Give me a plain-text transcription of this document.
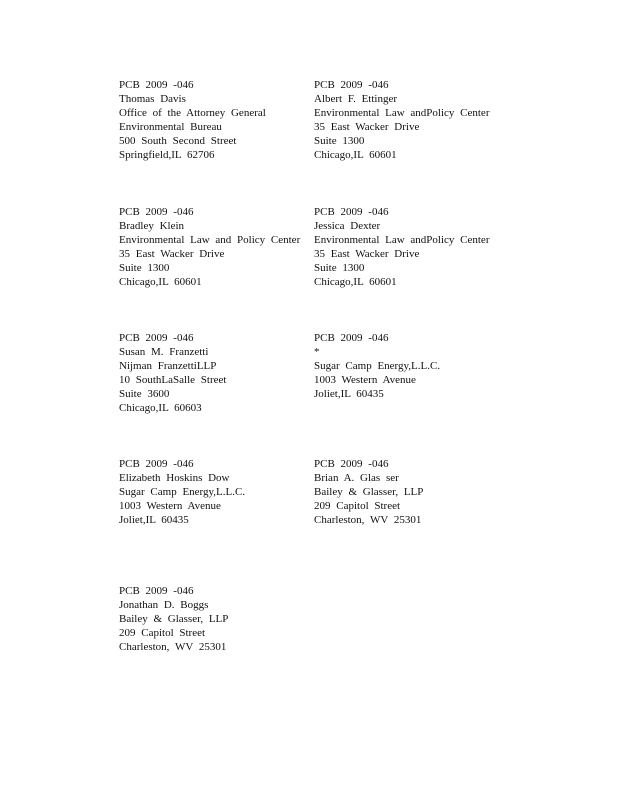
PCB 2009 -046
Thomas Davis
Office of the Attorney General
Environmental Bureau
500 South Second Street
Springfield,IL 62706
PCB 2009 -046
Albert F. Ettinger
Environmental Law andPolicy Center
35 East Wacker Drive
Suite 1300
Chicago,IL 60601
PCB 2009 -046
Bradley Klein
Environmental Law and Policy Center
35 East Wacker Drive
Suite 1300
Chicago,IL 60601
PCB 2009 -046
Jessica Dexter
Environmental Law andPolicy Center
35 East Wacker Drive
Suite 1300
Chicago,IL 60601
PCB 2009 -046
Susan M. Franzetti
Nijman FranzettiLLP
10 SouthLaSalle Street
Suite 3600
Chicago,IL 60603
PCB 2009 -046
*
Sugar Camp Energy,L.L.C.
1003 Western Avenue
Joliet,IL 60435
PCB 2009 -046
Elizabeth Hoskins Dow
Sugar Camp Energy,L.L.C.
1003 Western Avenue
Joliet,IL 60435
PCB 2009 -046
Brian A. Glas ser
Bailey & Glasser, LLP
209 Capitol Street
Charleston, WV 25301
PCB 2009 -046
Jonathan D. Boggs
Bailey & Glasser, LLP
209 Capitol Street
Charleston, WV 25301
